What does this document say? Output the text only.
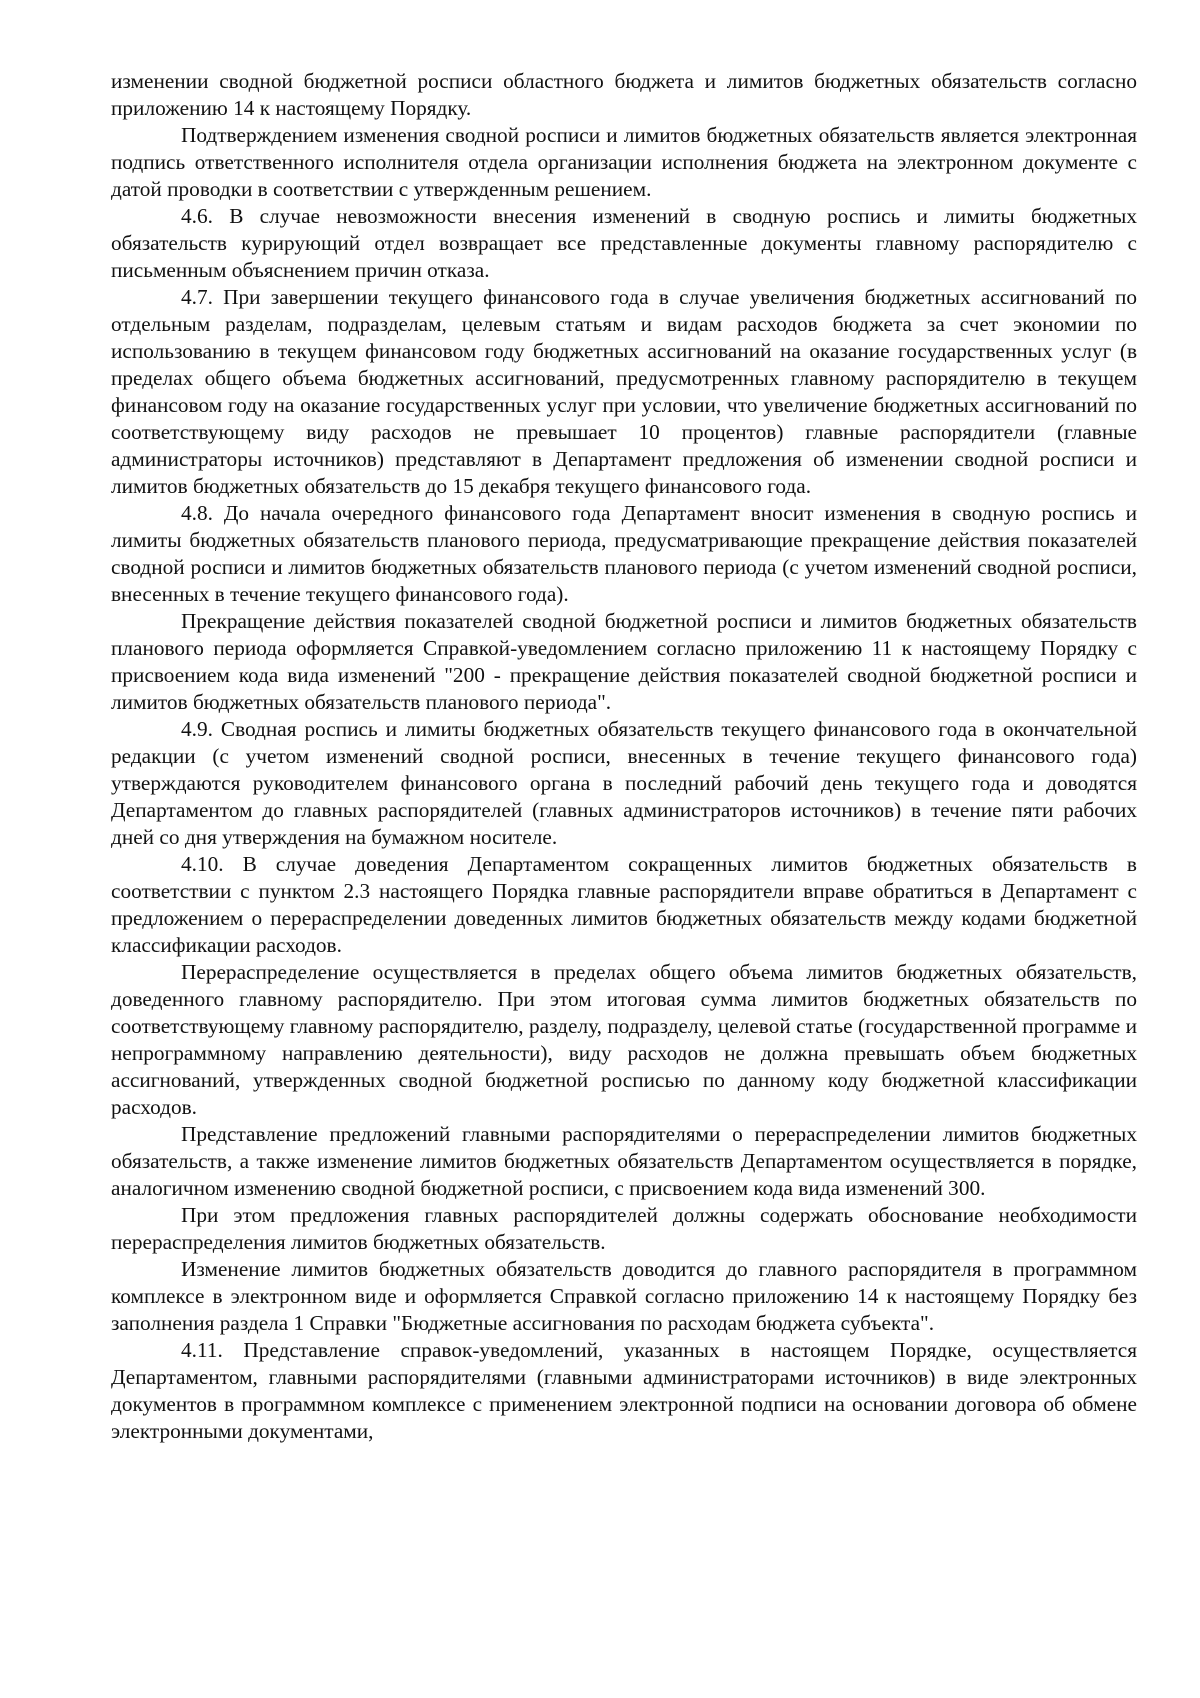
изменении сводной бюджетной росписи областного бюджета и лимитов бюджетных обязательств согласно приложению 14 к настоящему Порядку.

Подтверждением изменения сводной росписи и лимитов бюджетных обязательств является электронная подпись ответственного исполнителя отдела организации исполнения бюджета на электронном документе с датой проводки в соответствии с утвержденным решением.

4.6. В случае невозможности внесения изменений в сводную роспись и лимиты бюджетных обязательств курирующий отдел возвращает все представленные документы главному распорядителю с письменным объяснением причин отказа.

4.7. При завершении текущего финансового года в случае увеличения бюджетных ассигнований по отдельным разделам, подразделам, целевым статьям и видам расходов бюджета за счет экономии по использованию в текущем финансовом году бюджетных ассигнований на оказание государственных услуг (в пределах общего объема бюджетных ассигнований, предусмотренных главному распорядителю в текущем финансовом году на оказание государственных услуг при условии, что увеличение бюджетных ассигнований по соответствующему виду расходов не превышает 10 процентов) главные распорядители (главные администраторы источников) представляют в Департамент предложения об изменении сводной росписи и лимитов бюджетных обязательств до 15 декабря текущего финансового года.

4.8. До начала очередного финансового года Департамент вносит изменения в сводную роспись и лимиты бюджетных обязательств планового периода, предусматривающие прекращение действия показателей сводной росписи и лимитов бюджетных обязательств планового периода (с учетом изменений сводной росписи, внесенных в течение текущего финансового года).

Прекращение действия показателей сводной бюджетной росписи и лимитов бюджетных обязательств планового периода оформляется Справкой-уведомлением согласно приложению 11 к настоящему Порядку с присвоением кода вида изменений "200 - прекращение действия показателей сводной бюджетной росписи и лимитов бюджетных обязательств планового периода".

4.9. Сводная роспись и лимиты бюджетных обязательств текущего финансового года в окончательной редакции (с учетом изменений сводной росписи, внесенных в течение текущего финансового года) утверждаются руководителем финансового органа в последний рабочий день текущего года и доводятся Департаментом до главных распорядителей (главных администраторов источников) в течение пяти рабочих дней со дня утверждения на бумажном носителе.

4.10. В случае доведения Департаментом сокращенных лимитов бюджетных обязательств в соответствии с пунктом 2.3 настоящего Порядка главные распорядители вправе обратиться в Департамент с предложением о перераспределении доведенных лимитов бюджетных обязательств между кодами бюджетной классификации расходов.

Перераспределение осуществляется в пределах общего объема лимитов бюджетных обязательств, доведенного главному распорядителю. При этом итоговая сумма лимитов бюджетных обязательств по соответствующему главному распорядителю, разделу, подразделу, целевой статье (государственной программе и непрограммному направлению деятельности), виду расходов не должна превышать объем бюджетных ассигнований, утвержденных сводной бюджетной росписью по данному коду бюджетной классификации расходов.

Представление предложений главными распорядителями о перераспределении лимитов бюджетных обязательств, а также изменение лимитов бюджетных обязательств Департаментом осуществляется в порядке, аналогичном изменению сводной бюджетной росписи, с присвоением кода вида изменений 300.

При этом предложения главных распорядителей должны содержать обоснование необходимости перераспределения лимитов бюджетных обязательств.

Изменение лимитов бюджетных обязательств доводится до главного распорядителя в программном комплексе в электронном виде и оформляется Справкой согласно приложению 14 к настоящему Порядку без заполнения раздела 1 Справки "Бюджетные ассигнования по расходам бюджета субъекта".

4.11. Представление справок-уведомлений, указанных в настоящем Порядке, осуществляется Департаментом, главными распорядителями (главными администраторами источников) в виде электронных документов в программном комплексе с применением электронной подписи на основании договора об обмене электронными документами,
